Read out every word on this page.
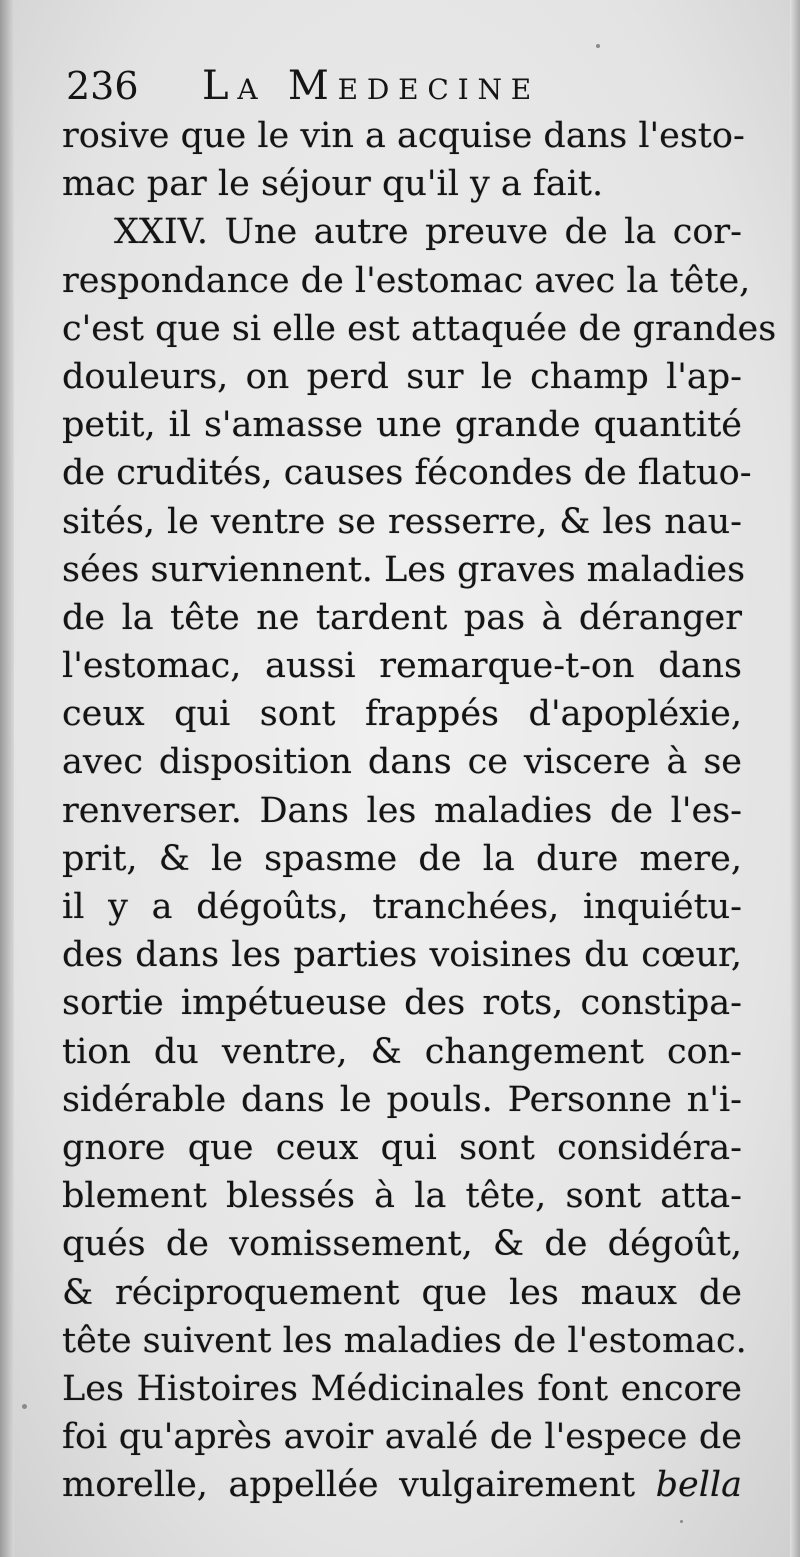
236 La Medecine
rosive que le vin a acquise dans l'esto-
mac par le séjour qu'il y a fait.
XXIV. Une autre preuve de la cor-
respondance de l'estomac avec la tête,
c'est que si elle est attaquée de grandes
douleurs, on perd sur le champ l'ap-
petit, il s'amasse une grande quantité
de crudités, causes fécondes de flatuo-
sités, le ventre se resserre, & les nau-
sées surviennent. Les graves maladies
de la tête ne tardent pas à déranger
l'estomac, aussi remarque-t-on dans
ceux qui sont frappés d'apopléxie,
avec disposition dans ce viscere à se
renverser. Dans les maladies de l'es-
prit, & le spasme de la dure mere,
il y a dégoûts, tranchées, inquiétu-
des dans les parties voisines du cœur,
sortie impétueuse des rots, constipa-
tion du ventre, & changement con-
sidérable dans le pouls. Personne n'i-
gnore que ceux qui sont considéra-
blement blessés à la tête, sont atta-
qués de vomissement, & de dégoût,
& réciproquement que les maux de
tête suivent les maladies de l'estomac.
Les Histoires Médicinales font encore
foi qu'après avoir avalé de l'espece de
morelle, appellée vulgairement bella
